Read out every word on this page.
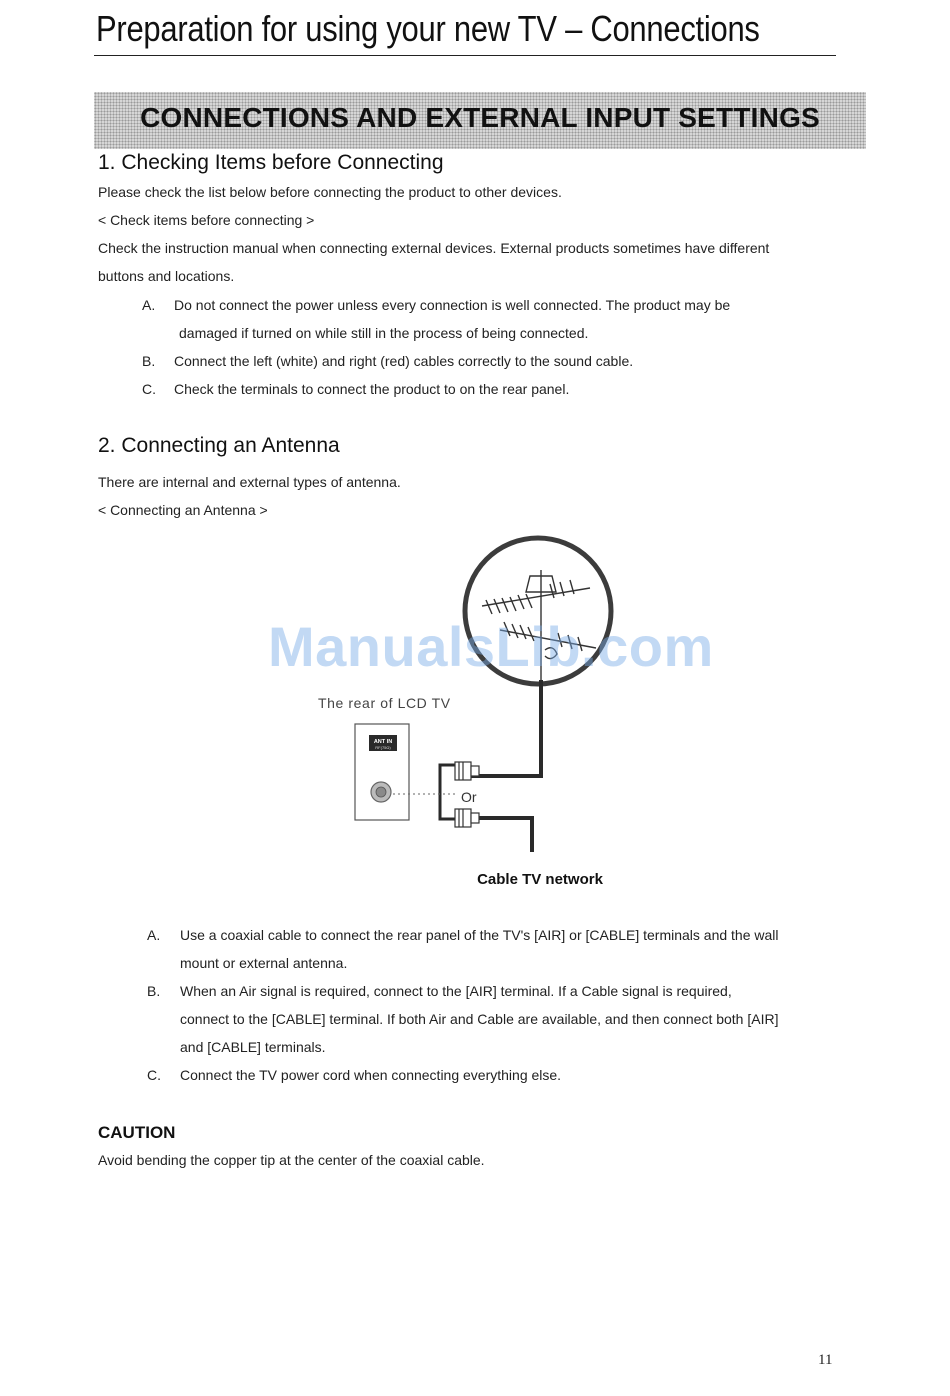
Preparation for using your new TV – Connections
CONNECTIONS AND EXTERNAL INPUT SETTINGS
1. Checking Items before Connecting
Please check the list below before connecting the product to other devices.
< Check items before connecting >
Check the instruction manual when connecting external devices. External products sometimes have different
buttons and locations.
A. Do not connect the power unless every connection is well connected. The product may be
damaged if turned on while still in the process of being connected.
B. Connect the left (white) and right (red) cables correctly to the sound cable.
C. Check the terminals to connect the product to on the rear panel.
2. Connecting an Antenna
There are internal and external types of antenna.
< Connecting an Antenna >
The rear of LCD TV
ANT IN
RF(75Ω)
Or
Cable TV network
ManualsLib.com
A. Use a coaxial cable to connect the rear panel of the TV's [AIR] or [CABLE] terminals and the wall
mount or external antenna.
B. When an Air signal is required, connect to the [AIR] terminal. If a Cable signal is required,
connect to the [CABLE] terminal. If both Air and Cable are available, and then connect both [AIR]
and [CABLE] terminals.
C. Connect the TV power cord when connecting everything else.
CAUTION
Avoid bending the copper tip at the center of the coaxial cable.
11
